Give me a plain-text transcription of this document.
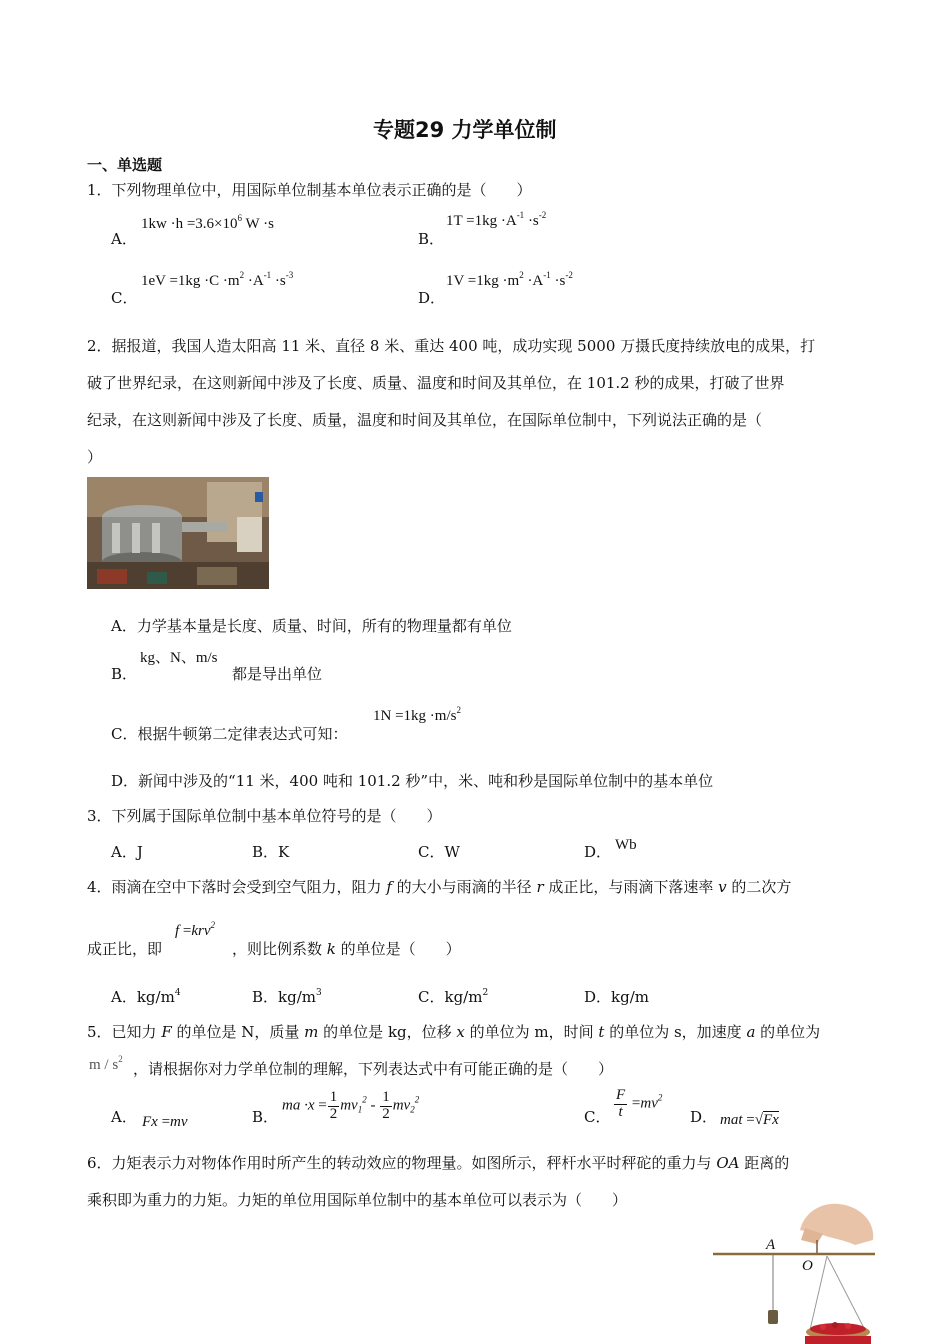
专题29 力学单位制
一、单选题
1．下列物理单位中，用国际单位制基本单位表示正确的是（　　）
A．
$1kw \cdot h =3.6\times 10^6$ W ·s
B．
$1T =1kg \cdot A^{-1} \cdot s^{-2}$
C．
$1eV =1kg \cdot C \cdot m^2 \cdot A^{-1} \cdot s^{-3}$
D．
$1V =1kg \cdot m^2 \cdot A^{-1} \cdot s^{-2}$
2．据报道，我国人造太阳高 11 米、直径 8 米、重达 400 吨，成功实现 5000 万摄氏度持续放电的成果，打
破了世界纪录，在这则新闻中涉及了长度、质量、温度和时间及其单位，在 101.2 秒的成果，打破了世界
纪录，在这则新闻中涉及了长度、质量，温度和时间及其单位，在国际单位制中，下列说法正确的是（
）
A．力学基本量是长度、质量、时间，所有的物理量都有单位
B．
kg、N、m/s
都是导出单位
C．根据牛顿第二定律表达式可知：
$1N =1kg \cdot m/s^2$
D．新闻中涉及的“11 米，400 吨和 101.2 秒”中，米、吨和秒是国际单位制中的基本单位
3．下列属于国际单位制中基本单位符号的是（　　）
A．J	B．K	C．W	D． Wb
4．雨滴在空中下落时会受到空气阻力，阻力 f 的大小与雨滴的半径 r 成正比，与雨滴下落速率 v 的二次方
成正比，即
f =krv$^2$
，则比例系数 k 的单位是（　　）
A．$kg/m^4$	B．$kg/m^3$	C．$kg/m^2$	D．kg/m
5．已知力 F 的单位是 N，质量 m 的单位是 kg，位移 x 的单位为 m，时间 t 的单位为 s，加速度 a 的单位为
m / $s^2$
，请根据你对力学单位制的理解，下列表达式中有可能正确的是（　　）
A． Fx =mv	B．
ma $\cdot x = \frac{1}{2} mv_1^2 - \frac{1}{2} mv_2^2$
C． $\frac{F}{t} =mv^2$
D． mat =√Fx
6．力矩表示力对物体作用时所产生的转动效应的物理量。如图所示，秤杆水平时秤砣的重力与 OA 距离的
乘积即为重力的力矩。力矩的单位用国际单位制中的基本单位可以表示为（　　）
A
O
